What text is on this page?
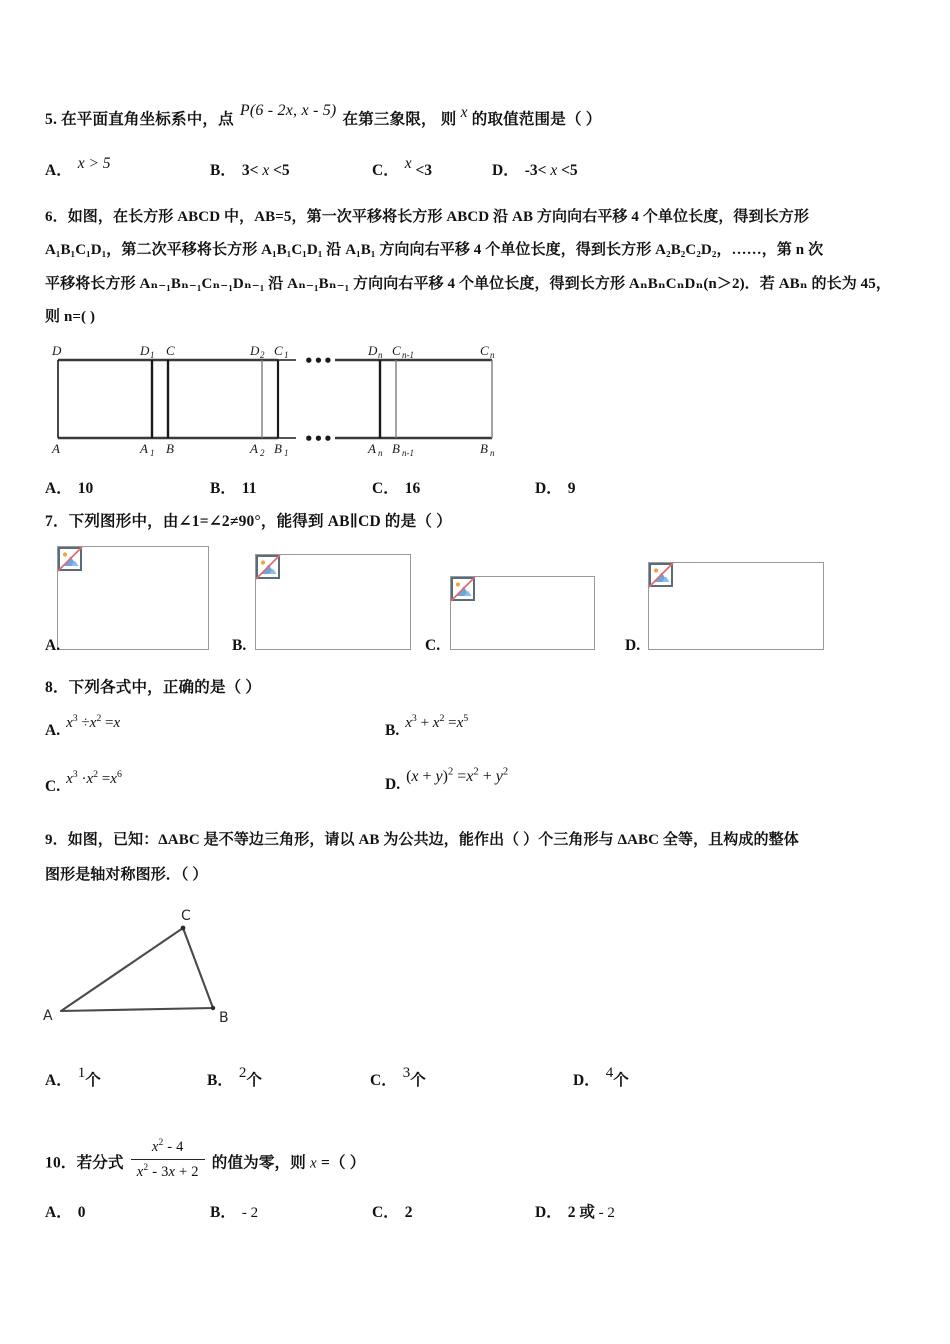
5. 在平面直角坐标系中，点 P(6 - 2x, x - 5) 在第三象限， 则 x 的取值范围是（ ）
A． x > 5	B． 3< x <5	C． x <3	D． -3< x <5
6．如图，在长方形 ABCD 中，AB=5，第一次平移将长方形 ABCD 沿 AB 方向向右平移 4 个单位长度，得到长方形
A₁B₁C₁D₁，第二次平移将长方形 A₁B₁C₁D₁ 沿 A₁B₁ 方向向右平移 4 个单位长度，得到长方形 A₂B₂C₂D₂，……，第 n 次
平移将长方形 Aₙ₋₁Bₙ₋₁Cₙ₋₁Dₙ₋₁ 沿 Aₙ₋₁Bₙ₋₁ 方向向右平移 4 个单位长度，得到长方形 AₙBₙCₙDₙ(n＞2)．若 ABₙ 的长为 45，
则 n=( )
•••
•••
D	D 1 C	D 2 C 1	D n C n-1	C n
A	A 1 B	A 2 B 1	A n B n-1	B n
A． 10	B． 11	C． 16	D． 9
7．下列图形中，由∠1=∠2≠90°，能得到 AB∥CD 的是（ ）
A.	B.	C.	D.
8．下列各式中，正确的是（ ）
A. $x^3 \div x^2 =x$	B. $x^3 + x^2 =x^5$
C. $x^3 \cdot x^2 =x^6$
D. $(x + y)^2 =x^2 + y^2$
9．如图，已知：ΔABC 是不等边三角形，请以 AB 为公共边，能作出（ ）个三角形与 ΔABC 全等，且构成的整体
图形是轴对称图形．（ ）
A	B
C
A． 1个	B． 2个	C． 3个	D． 4个
10．若分式 $\frac{x^2 - 4}{x^2 - 3x + 2}$ 的值为零，则 x =（ ）
A． 0	B． - 2	C． 2	D． 2 或 - 2
